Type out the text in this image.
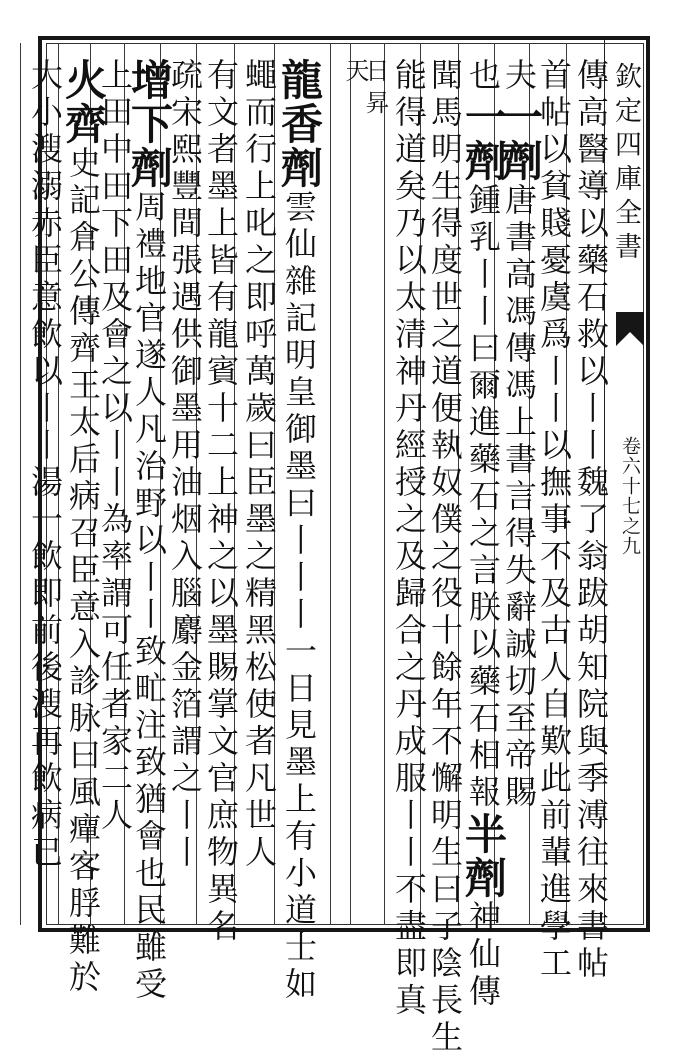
欽定四庫全書
卷六十七之九
傳高醫導以藥石救以丨丨魏了翁跋胡知院與季溥往來書帖
首帖以貧賤憂虞爲丨丨以撫事不及古人自歎此前輩進學工
夫一劑唐書高馮傳馮上書言得失辭誠切至帝賜
也一劑鍾乳丨丨曰爾進藥石之言朕以藥石相報半劑神仙傳
聞馬明生得度世之道便執奴僕之役十餘年不懈明生曰子陰長生
能得道矣乃以太清神丹經授之及歸合之丹成服丨丨不盡即真
日昇
天
龍香劑雲仙雜記明皇御墨曰丨丨丨一日見墨上有小道士如
蠅而行上叱之即呼萬歲曰臣墨之精黑松使者凡世人
有文者墨上皆有龍賓十二上神之以墨賜掌文官庶物異名
疏宋熙豐間張遇供御墨用油烟入腦麝金箔謂之丨丨
增下劑周禮地官遂人凡治野以丨丨致甿注致猶會也民雖受
上田中田下田及會之以丨丨為率謂可任者家二人
火齊史記倉公傳齊王太后病召臣意入診脉曰風癉客脬難於
大小溲溺赤臣意飲以丨丨湯一飲即前後溲再飲病已
